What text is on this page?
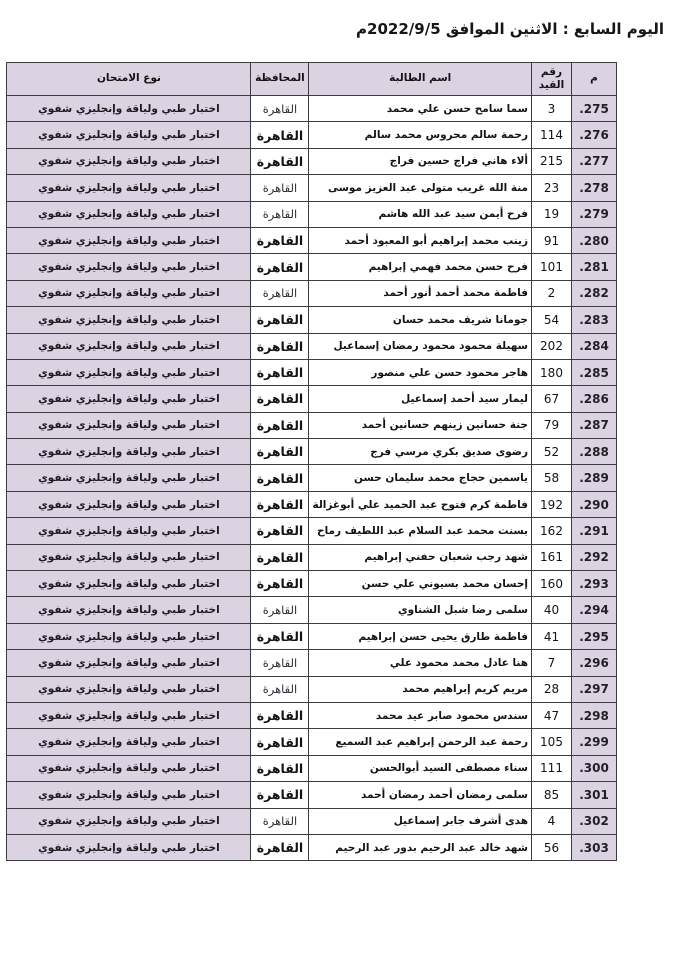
اليوم السابع : الاثنين الموافق 2022/9/5م
م	رقم القيد	اسم الطالبة	المحافظة	نوع الامتحان
275.	3	سما سامح حسن علي محمد	القاهرة	اختبار طبي ولياقة وإنجليزي شفوي
276.	114	رحمة سالم محروس محمد سالم	القاهرة	اختبار طبي ولياقة وإنجليزي شفوي
277.	215	ألاء هاني فراج حسين فراج	القاهرة	اختبار طبي ولياقة وإنجليزي شفوي
278.	23	منة الله غريب متولى عبد العزيز موسى	القاهرة	اختبار طبي ولياقة وإنجليزي شفوي
279.	19	فرح أيمن سيد عبد الله هاشم	القاهرة	اختبار طبي ولياقة وإنجليزي شفوي
280.	91	زينب محمد إبراهيم أبو المعبود أحمد	القاهرة	اختبار طبي ولياقة وإنجليزي شفوي
281.	101	فرح حسن محمد فهمي إبراهيم	القاهرة	اختبار طبي ولياقة وإنجليزي شفوي
282.	2	فاطمة محمد أحمد أنور أحمد	القاهرة	اختبار طبي ولياقة وإنجليزي شفوي
283.	54	جومانا شريف محمد حسان	القاهرة	اختبار طبي ولياقة وإنجليزي شفوي
284.	202	سهيلة محمود محمود رمضان إسماعيل	القاهرة	اختبار طبي ولياقة وإنجليزي شفوي
285.	180	هاجر محمود حسن علي منصور	القاهرة	اختبار طبي ولياقة وإنجليزي شفوي
286.	67	ليمار سيد أحمد إسماعيل	القاهرة	اختبار طبي ولياقة وإنجليزي شفوي
287.	79	جنة حسانين زينهم حسانين أحمد	القاهرة	اختبار طبي ولياقة وإنجليزي شفوي
288.	52	رضوى صديق بكري مرسي فرج	القاهرة	اختبار طبي ولياقة وإنجليزي شفوي
289.	58	ياسمين حجاج محمد سليمان حسن	القاهرة	اختبار طبي ولياقة وإنجليزي شفوي
290.	192	فاطمة كرم فتوح عبد الحميد علي أبوغزالة	القاهرة	اختبار طبي ولياقة وإنجليزي شفوي
291.	162	بسنت محمد عبد السلام عبد اللطيف رماح	القاهرة	اختبار طبي ولياقة وإنجليزي شفوي
292.	161	شهد رجب شعبان حفني إبراهيم	القاهرة	اختبار طبي ولياقة وإنجليزي شفوي
293.	160	إحسان محمد بسيوني علي حسن	القاهرة	اختبار طبي ولياقة وإنجليزي شفوي
294.	40	سلمى رضا شبل الشناوي	القاهرة	اختبار طبي ولياقة وإنجليزي شفوي
295.	41	فاطمة طارق يحيى حسن إبراهيم	القاهرة	اختبار طبي ولياقة وإنجليزي شفوي
296.	7	هنا عادل محمد محمود علي	القاهرة	اختبار طبي ولياقة وإنجليزي شفوي
297.	28	مريم كريم إبراهيم محمد	القاهرة	اختبار طبي ولياقة وإنجليزي شفوي
298.	47	سندس محمود صابر عيد محمد	القاهرة	اختبار طبي ولياقة وإنجليزي شفوي
299.	105	رحمة عبد الرحمن إبراهيم عبد السميع	القاهرة	اختبار طبي ولياقة وإنجليزي شفوي
300.	111	سناء مصطفى السيد أبوالحسن	القاهرة	اختبار طبي ولياقة وإنجليزي شفوي
301.	85	سلمى رمضان أحمد رمضان أحمد	القاهرة	اختبار طبي ولياقة وإنجليزي شفوي
302.	4	هدى أشرف جابر إسماعيل	القاهرة	اختبار طبي ولياقة وإنجليزي شفوي
303.	56	شهد خالد عبد الرحيم بدور عبد الرحيم	القاهرة	اختبار طبي ولياقة وإنجليزي شفوي
